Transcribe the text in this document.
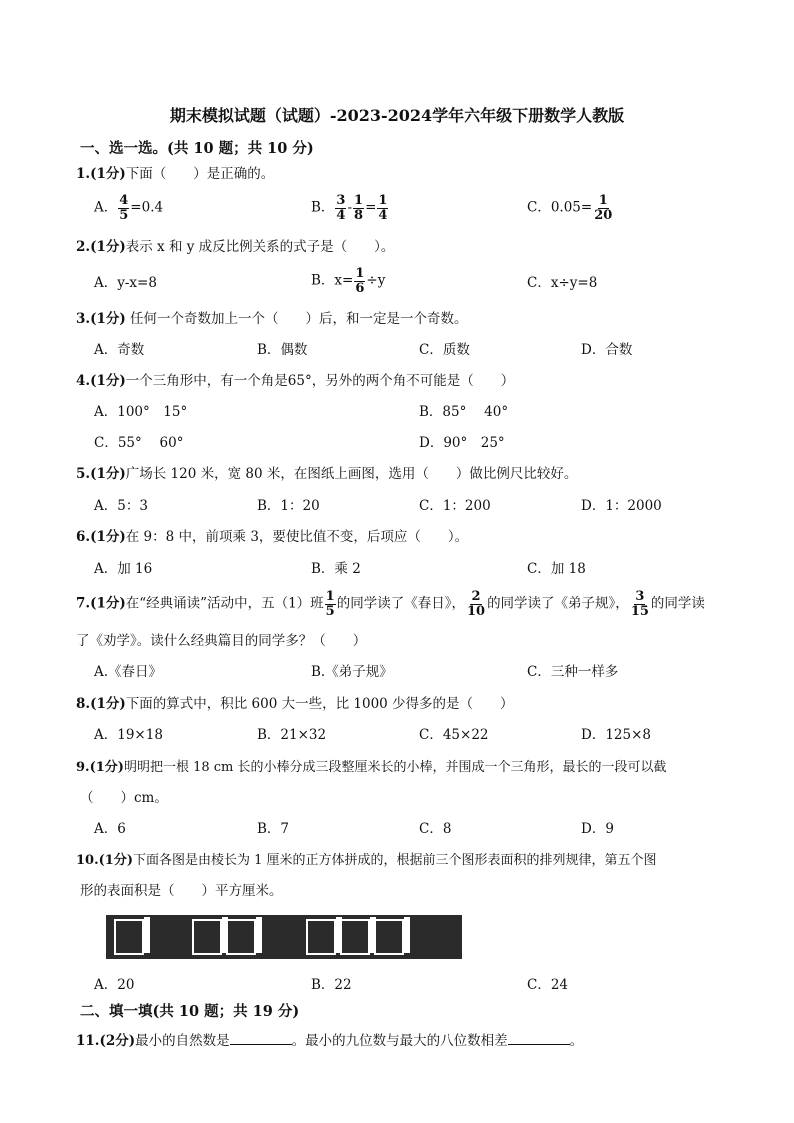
期末模拟试题（试题）-2023-2024学年六年级下册数学人教版
一、选一选。(共 10 题；共 10 分)
1.(1分)下面（　　）是正确的。
A． $\frac{4}{5} =0.4$	B． $\frac{3}{4} - \frac{1}{8} = \frac{1}{4}$	C．$0.05= \frac{1}{20}$
2.(1分)表示 x 和 y 成反比例关系的式子是（　　）。
A．y-x=8	B．$x= \frac{1}{6} \div y$	C．x÷y=8
3.(1分) 任何一个奇数加上一个（　　）后，和一定是一个奇数。
A．奇数	B．偶数	C．质数	D．合数
4.(1分)一个三角形中，有一个角是65°，另外的两个角不可能是（　　）
A．100°　15°	B．85°　 40°
C．55°　 60°	D．90°　25°
5.(1分)广场长 120 米，宽 80 米，在图纸上画图，选用（　　）做比例尺比较好。
A．5：3	B．1：20	C．1：200	D．1：2000
6.(1分)在 9：8 中，前项乘 3，要使比值不变，后项应（　　）。
A．加 16	B．乘 2	C．加 18
7.(1分)在“经典诵读”活动中，五（1）班 $\frac{1}{5}$ 的同学读了《春日》， $\frac{2}{10}$ 的同学读了《弟子规》， $\frac{3}{15}$ 的同学读
了《劝学》。读什么经典篇目的同学多？（　　）
A.《春日》	B.《弟子规》	C．三种一样多
8.(1分)下面的算式中，积比 600 大一些，比 1000 少得多的是（　　）
A．19×18	B．21×32	C．45×22	D．125×8
9.(1分)明明把一根 18 cm 长的小棒分成三段整厘米长的小棒，并围成一个三角形，最长的一段可以截
（　　）cm。
A．6	B．7	C．8	D．9
10.(1分)下面各图是由棱长为 1 厘米的正方体拼成的，根据前三个图形表面积的排列规律，第五个图
形的表面积是（　　）平方厘米。
A．20	B．22	C．24
二、填一填(共 10 题；共 19 分)
11.(2分)最小的自然数是	。最小的九位数与最大的八位数相差	。
